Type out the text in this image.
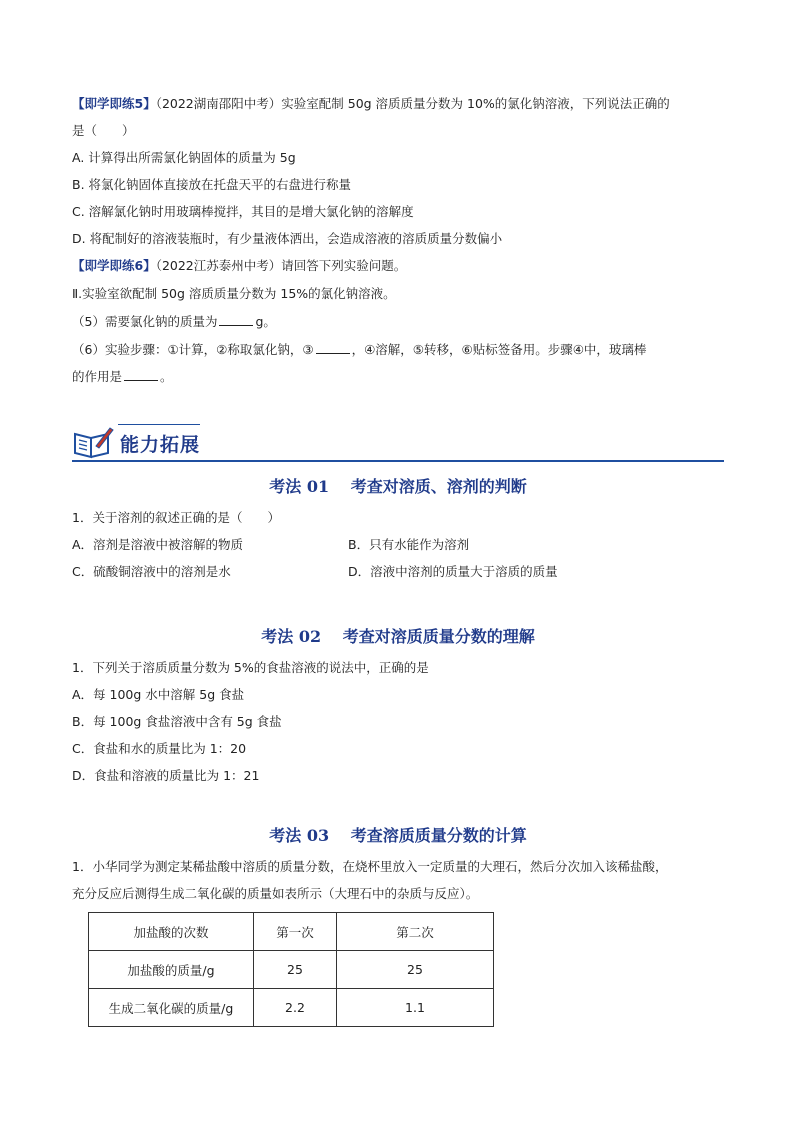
【即学即练5】（2022湖南邵阳中考）实验室配制 50g 溶质质量分数为 10%的氯化钠溶液，下列说法正确的
是（　　）
A. 计算得出所需氯化钠固体的质量为 5g
B. 将氯化钠固体直接放在托盘天平的右盘进行称量
C. 溶解氯化钠时用玻璃棒搅拌，其目的是增大氯化钠的溶解度
D. 将配制好的溶液装瓶时，有少量液体洒出，会造成溶液的溶质质量分数偏小
【即学即练6】（2022江苏泰州中考）请回答下列实验问题。
Ⅱ.实验室欲配制 50g 溶质质量分数为 15%的氯化钠溶液。
（5）需要氯化钠的质量为	g。
（6）实验步骤：①计算，②称取氯化钠，③	，④溶解，⑤转移，⑥贴标签备用。步骤④中，玻璃棒
的作用是	。
能力拓展
考法 01　 考查对溶质、溶剂的判断
1．关于溶剂的叙述正确的是（　　）
A．溶剂是溶液中被溶解的物质	B．只有水能作为溶剂
C．硫酸铜溶液中的溶剂是水	D．溶液中溶剂的质量大于溶质的质量
考法 02　 考查对溶质质量分数的理解
1．下列关于溶质质量分数为 5%的食盐溶液的说法中，正确的是
A．每 100g 水中溶解 5g 食盐
B．每 100g 食盐溶液中含有 5g 食盐
C．食盐和水的质量比为 1：20
D．食盐和溶液的质量比为 1：21
考法 03　 考查溶质质量分数的计算
1．小华同学为测定某稀盐酸中溶质的质量分数，在烧杯里放入一定质量的大理石，然后分次加入该稀盐酸，
充分反应后测得生成二氧化碳的质量如表所示（大理石中的杂质与反应）。
加盐酸的次数	第一次	第二次
加盐酸的质量/g	25	25
生成二氧化碳的质量/g	2.2	1.1
